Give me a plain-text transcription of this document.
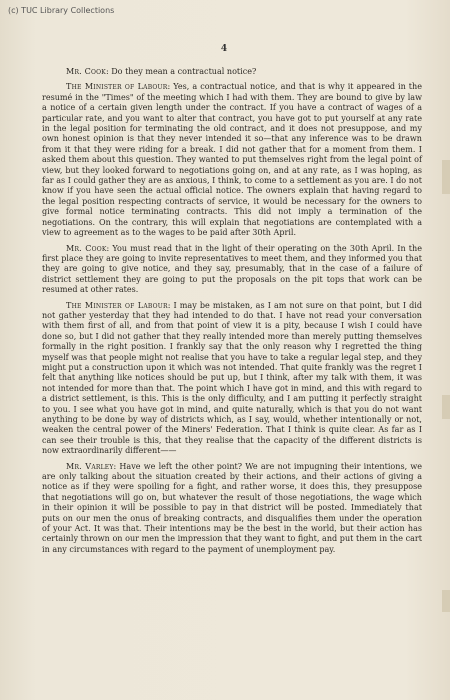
(c) TUC Library Collections
4

Mr. Cook: Do they mean a contractual notice?

The Minister of Labour: Yes, a contractual notice, and that is why it appeared in the resumé in the "Times" of the meeting which I had with them. They are bound to give by law a notice of a certain given length under the contract. If you have a contract of wages of a particular rate, and you want to alter that contract, you have got to put yourself at any rate in the legal position for terminating the old contract, and it does not presuppose, and my own honest opinion is that they never intended it so—that any inference was to be drawn from it that they were riding for a break. I did not gather that for a moment from them. I asked them about this question. They wanted to put themselves right from the legal point of view, but they looked forward to negotiations going on, and at any rate, as I was hoping, as far as I could gather they are as anxious, I think, to come to a settlement as you are. I do not know if you have seen the actual official notice. The owners explain that having regard to the legal position respecting contracts of service, it would be necessary for the owners to give formal notice terminating contracts. This did not imply a termination of the negotiations. On the contrary, this will explain that negotiations are contemplated with a view to agreement as to the wages to be paid after 30th April.

Mr. Cook: You must read that in the light of their operating on the 30th April. In the first place they are going to invite representatives to meet them, and they informed you that they are going to give notice, and they say, presumably, that in the case of a failure of district settlement they are going to put the proposals on the pit tops that work can be resumed at other rates.

The Minister of Labour: I may be mistaken, as I am not sure on that point, but I did not gather yesterday that they had intended to do that. I have not read your conversation with them first of all, and from that point of view it is a pity, because I wish I could have done so, but I did not gather that they really intended more than merely putting themselves formally in the right position. I frankly say that the only reason why I regretted the thing myself was that people might not realise that you have to take a regular legal step, and they might put a construction upon it which was not intended. That quite frankly was the regret I felt that anything like notices should be put up, but I think, after my talk with them, it was not intended for more than that. The point which I have got in mind, and this with regard to a district settlement, is this. This is the only difficulty, and I am putting it perfectly straight to you. I see what you have got in mind, and quite naturally, which is that you do not want anything to be done by way of districts which, as I say, would, whether intentionally or not, weaken the central power of the Miners' Federation. That I think is quite clear. As far as I can see their trouble is this, that they realise that the capacity of the different districts is now extraordinarily different——

Mr. Varley: Have we left the other point? We are not impugning their intentions, we are only talking about the situation created by their actions, and their actions of giving a notice as if they were spoiling for a fight, and rather worse, it does this, they presuppose that negotiations will go on, but whatever the result of those negotiations, the wage which in their opinion it will be possible to pay in that district will be posted. Immediately that puts on our men the onus of breaking contracts, and disqualifies them under the operation of your Act. It was that. Their intentions may be the best in the world, but their action has certainly thrown on our men the impression that they want to fight, and put them in the cart in any circumstances with regard to the payment of unemployment pay.
